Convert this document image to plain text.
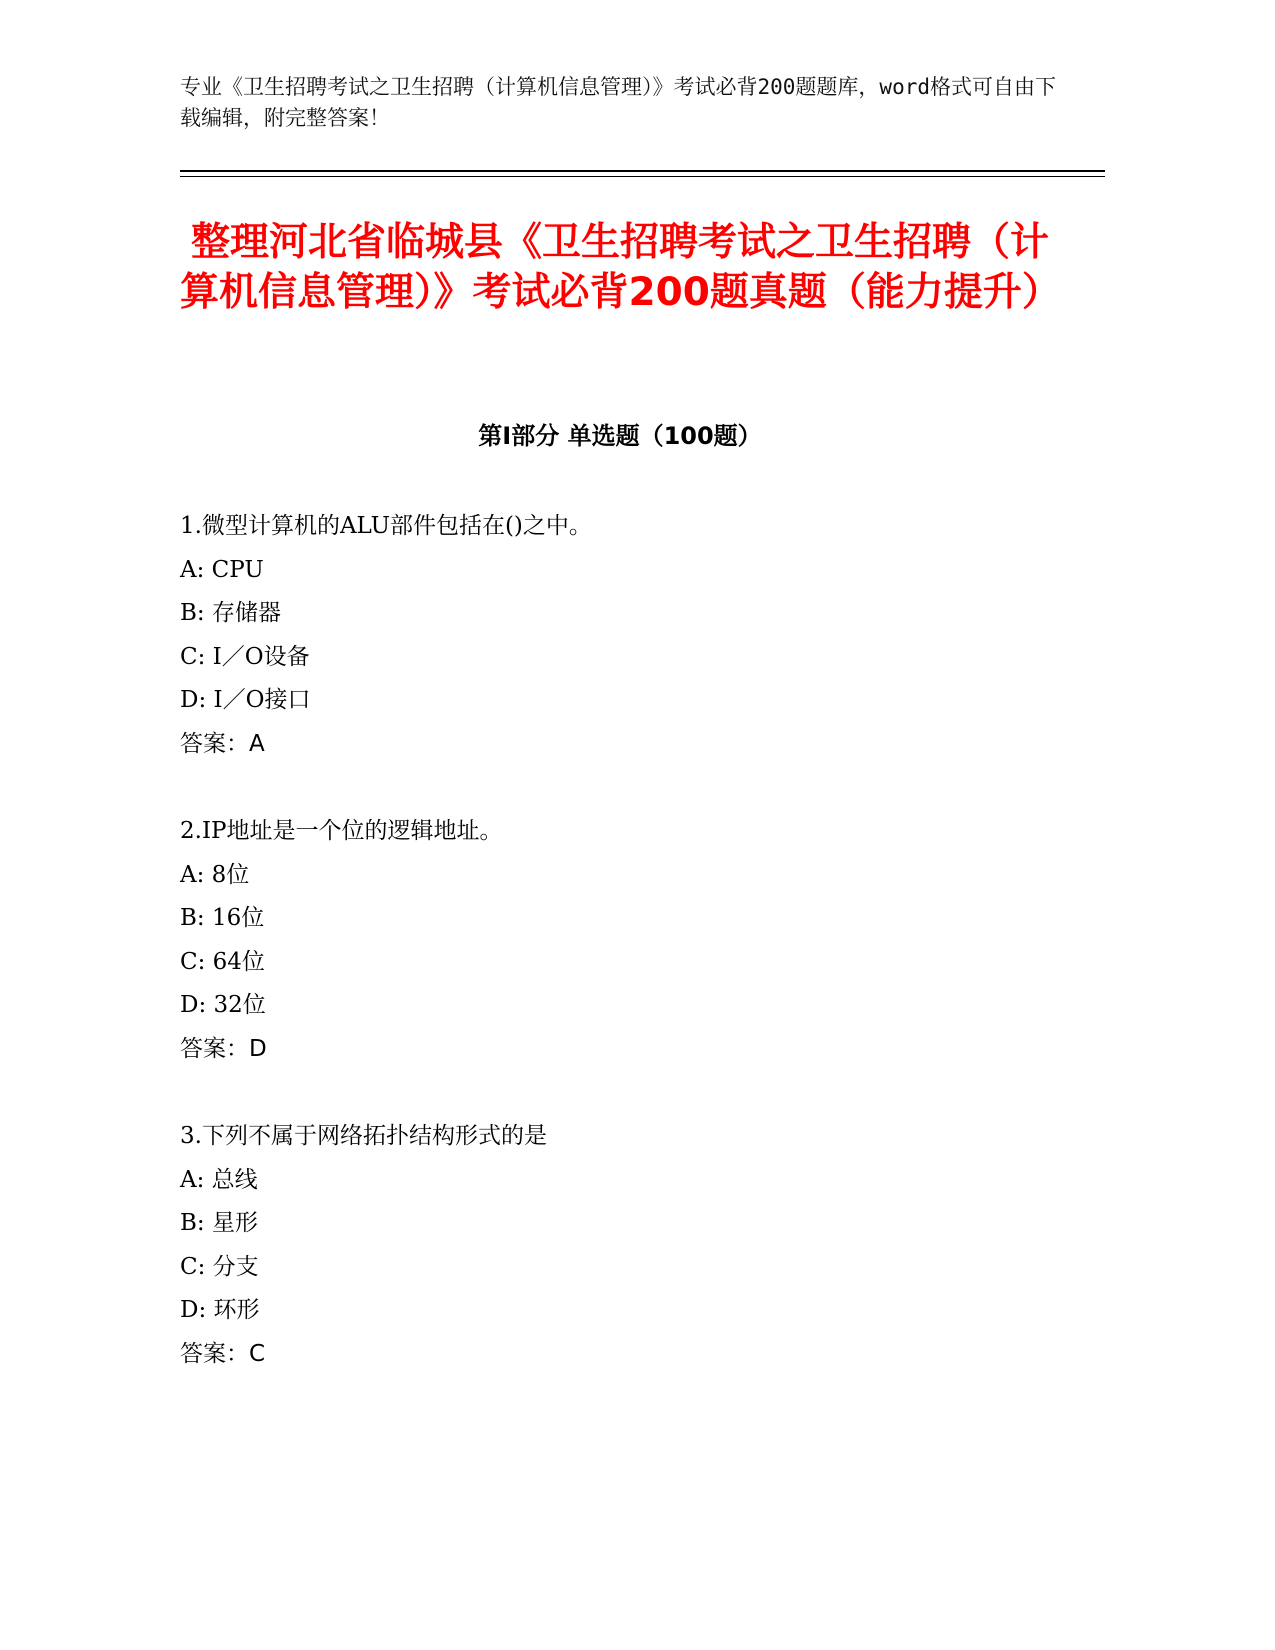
专业《卫生招聘考试之卫生招聘（计算机信息管理）》考试必背200题题库，word格式可自由下载编辑，附完整答案！
整理河北省临城县《卫生招聘考试之卫生招聘（计算机信息管理）》考试必背200题真题（能力提升）
第I部分 单选题（100题）
1.微型计算机的ALU部件包括在()之中。
A: CPU
B: 存储器
C: I／O设备
D: I／O接口
答案：A
2.IP地址是一个位的逻辑地址。
A: 8位
B: 16位
C: 64位
D: 32位
答案：D
3.下列不属于网络拓扑结构形式的是
A: 总线
B: 星形
C: 分支
D: 环形
答案：C
